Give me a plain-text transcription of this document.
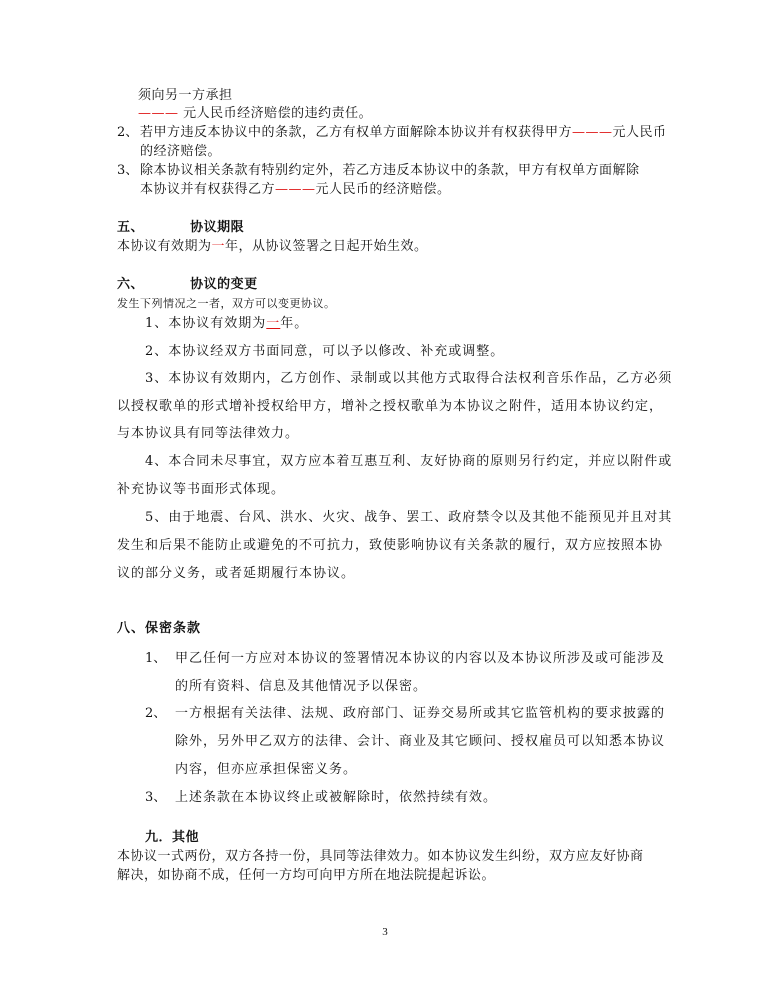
须向另一方承担
——— 元人民币经济赔偿的违约责任。
2、 若甲方违反本协议中的条款，乙方有权单方面解除本协议并有权获得甲方———元人民币
的经济赔偿。
3、 除本协议相关条款有特别约定外，若乙方违反本协议中的条款，甲方有权单方面解除
本协议并有权获得乙方———元人民币的经济赔偿。
五、	协议期限
本协议有效期为一年，从协议签署之日起开始生效。
六、	协议的变更
发生下列情况之一者，双方可以变更协议。
1、本协议有效期为一年。
2、本协议经双方书面同意，可以予以修改、补充或调整。
3、本协议有效期内，乙方创作、录制或以其他方式取得合法权利音乐作品，乙方必须
以授权歌单的形式增补授权给甲方，增补之授权歌单为本协议之附件，适用本协议约定，
与本协议具有同等法律效力。
4、本合同未尽事宜，双方应本着互惠互利、友好协商的原则另行约定，并应以附件或
补充协议等书面形式体现。
5、由于地震、台风、洪水、火灾、战争、罢工、政府禁令以及其他不能预见并且对其
发生和后果不能防止或避免的不可抗力，致使影响协议有关条款的履行，双方应按照本协
议的部分义务，或者延期履行本协议。
八、保密条款
1、 甲乙任何一方应对本协议的签署情况本协议的内容以及本协议所涉及或可能涉及
的所有资料、信息及其他情况予以保密。
2、 一方根据有关法律、法规、政府部门、证券交易所或其它监管机构的要求披露的
除外，另外甲乙双方的法律、会计、商业及其它顾问、授权雇员可以知悉本协议
内容，但亦应承担保密义务。
3、 上述条款在本协议终止或被解除时，依然持续有效。
九．其他
本协议一式两份，双方各持一份，具同等法律效力。如本协议发生纠纷，双方应友好协商
解决，如协商不成，任何一方均可向甲方所在地法院提起诉讼。
3
